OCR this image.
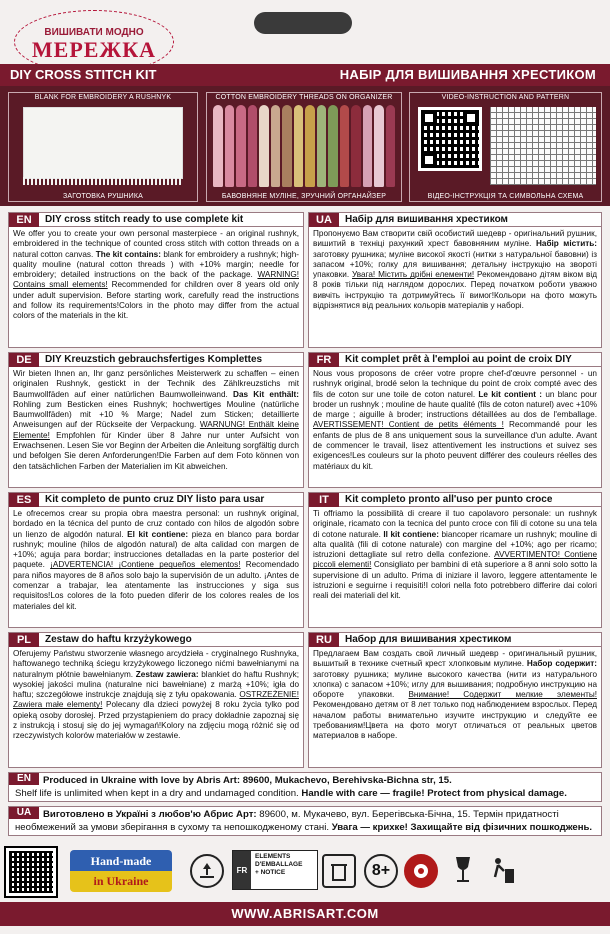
ВИШИВАТИ МОДНО
МЕРЕЖКА
DIY CROSS STITCH KIT	НАБІР ДЛЯ ВИШИВАННЯ ХРЕСТИКОМ
BLANK FOR EMBROIDERY A RUSHNYK
ЗАГОТОВКА РУШНИКА
COTTON EMBROIDERY THREADS ON ORGANIZER
БАВОВНЯНЕ МУЛІНЕ, ЗРУЧНИЙ ОРГАНАЙЗЕР
VIDEO-INSTRUCTION AND PATTERN
ВІДЕО-ІНСТРУКЦІЯ ТА СИМВОЛЬНА СХЕМА
EN	DIY cross stitch ready to use complete kit
We offer you to create your own personal masterpiece - an original rushnyk, embroidered in the technique of counted cross stitch with cotton threads on a natural cotton canvas. The kit contains: blank for embroidery a rushnyk; high-quality mouline (natural cotton threads ) with +10% margin; needle for embroidery; detailed instructions on the back of the package. WARNING! Contains small elements! Recommended for children over 8 years old only under adult supervision. Before starting work, carefully read the instructions and follow its requirements!Colors in the photo may differ from the actual colors of the materials in the kit.
UA	Набір для вишивання хрестиком
Пропонуємо Вам створити свій особистий шедевр - оригінальний рушник, вишитий в техніці рахункий хрест бавовняним муліне. Набір містить: заготовку рушника; муліне високої якості (нитки з натуральної бавовни) із запасом +10%; голку для вишивання; детальну інструкцію на звороті упаковки. Увага! Містить дрібні елементи! Рекомендовано дітям віком від 8 років тільки під наглядом дорослих. Перед початком роботи уважно вивчіть інструкцію та дотримуйтесь її вимог!Кольори на фото можуть відрізнятися від реальних кольорів матеріалів у наборі.
DE	DIY Kreuzstich gebrauchsfertiges Komplettes
Wir bieten Ihnen an, Ihr ganz persönliches Meisterwerk zu schaffen – einen originalen Rushnyk, gestickt in der Technik des Zählkreuzstichs mit Baumwollfäden auf einer natürlichen Baumwolleinwand. Das Kit enthält: Rohling zum Besticken eines Rushnyk; hochwertiges Mouline (natürliche Baumwollfäden) mit +10 % Marge; Nadel zum Sticken; detaillierte Anweisungen auf der Rückseite der Verpackung. WARNUNG! Enthält kleine Elemente! Empfohlen für Kinder über 8 Jahre nur unter Aufsicht von Erwachsenen. Lesen Sie vor Beginn der Arbeiten die Anleitung sorgfältig durch und befolgen Sie deren Anforderungen!Die Farben auf dem Foto können von den tatsächlichen Farben der Materialien im Kit abweichen.
FR	Kit complet prêt à l'emploi au point de croix DIY
Nous vous proposons de créer votre propre chef-d'œuvre personnel - un rushnyk original, brodé selon la technique du point de croix compté avec des fils de coton sur une toile de coton naturel. Le kit contient : un blanc pour broder un rushnyk ; mouline de haute qualité (fils de coton naturel) avec +10% de marge ; aiguille à broder; instructions détaillées au dos de l'emballage. AVERTISSEMENT! Contient de petits éléments ! Recommandé pour les enfants de plus de 8 ans uniquement sous la surveillance d'un adulte. Avant de commencer le travail, lisez attentivement les instructions et suivez ses exigences!Les couleurs sur la photo peuvent différer des couleurs réelles des matériaux du kit.
ES	Kit completo de punto cruz DIY listo para usar
Le ofrecemos crear su propia obra maestra personal: un rushnyk original, bordado en la técnica del punto de cruz contado con hilos de algodón sobre un lienzo de algodón natural. El kit contiene: pieza en blanco para bordar rushnyk; mouline (hilos de algodón natural) de alta calidad con margen de +10%; aguja para bordar; instrucciones detalladas en la parte posterior del paquete. ¡ADVERTENCIA! ¡Contiene pequeños elementos! Recomendado para niños mayores de 8 años solo bajo la supervisión de un adulto. ¡Antes de comenzar a trabajar, lea atentamente las instrucciones y siga sus requisitos!Los colores de la foto pueden diferir de los colores reales de los materiales del kit.
IT	Kit completo pronto all'uso per punto croce
Ti offriamo la possibilità di creare il tuo capolavoro personale: un rushnyk originale, ricamato con la tecnica del punto croce con fili di cotone su una tela di cotone naturale. Il kit contiene: biancoper ricamare un rushnyk; mouline di alta qualità (fili di cotone naturale) con margine del +10%; ago per ricamo; istruzioni dettagliate sul retro della confezione. AVVERTIMENTO! Contiene piccoli elementi! Consigliato per bambini di età superiore a 8 anni solo sotto la supervisione di un adulto. Prima di iniziare il lavoro, leggere attentamente le istruzioni e seguirne i requisiti!I colori nella foto potrebbero differire dai colori reali dei materiali del kit.
PL	Zestaw do haftu krzyżykowego
Oferujemy Państwu stworzenie własnego arcydzieła - cryginalnego Rushnyka, haftowanego techniką ściegu krzyżykowego liczonego nićmi bawełnianymi na naturalnym płótnie bawełnianym. Zestaw zawiera: blankiet do haftu Rushnyk; wysokiej jakości mulina (naturalne nici bawełniane) z marżą +10%; igła do haftu; szczegółowe instrukcje znajdują się z tyłu opakowania. OSTRZEŻENIE! Zawiera małe elementy! Polecany dla dzieci powyżej 8 roku życia tylko pod opieką osoby dorosłej. Przed przystąpieniem do pracy dokładnie zapoznaj się z instrukcją i stosuj się do jej wymagań!Kolory na zdjęciu mogą różnić się od rzeczywistych kolorów materiałów w zestawie.
RU	Набор для вишивания хрестиком
Предлагаем Вам создать свой личный шедевр - оригинальный рушник, вышитый в технике счетный крест хлопковым мулине. Набор содержит: заготовку рушника; мулине высокого качества (нити из натурального хлопка) с запасом +10%; иглу для вышивания; подробную инструкцию на обороте упаковки. Внимание! Содержит мелкие элементы! Рекомендовано детям от 8 лет только под наблюдением взрослых. Перед началом работы внимательно изучите инструкцию и следуйте ее требованиям!Цвета на фото могут отличаться от реальных цветов материалов в наборе.
EN	Produced in Ukraine with love by Abris Art: 89600, Mukachevo, Berehivska-Bichna str, 15.
Shelf life is unlimited when kept in a dry and undamaged condition. Handle with care — fragile! Protect from physical damage.
UA	Виготовлено в Україні з любов'ю Абрис Арт: 89600, м. Мукачево, вул. Берегівська-Бічна, 15. Термін придатності
необмежений за умови зберігання в сухому та непошкодженому стані. Увага — крихке! Захищайте від фізичних пошкоджень.
Hand-made
in Ukraine
FR
ELEMENTS
D'EMBALLAGE
+ NOTICE	8+
WWW.ABRISART.COM
